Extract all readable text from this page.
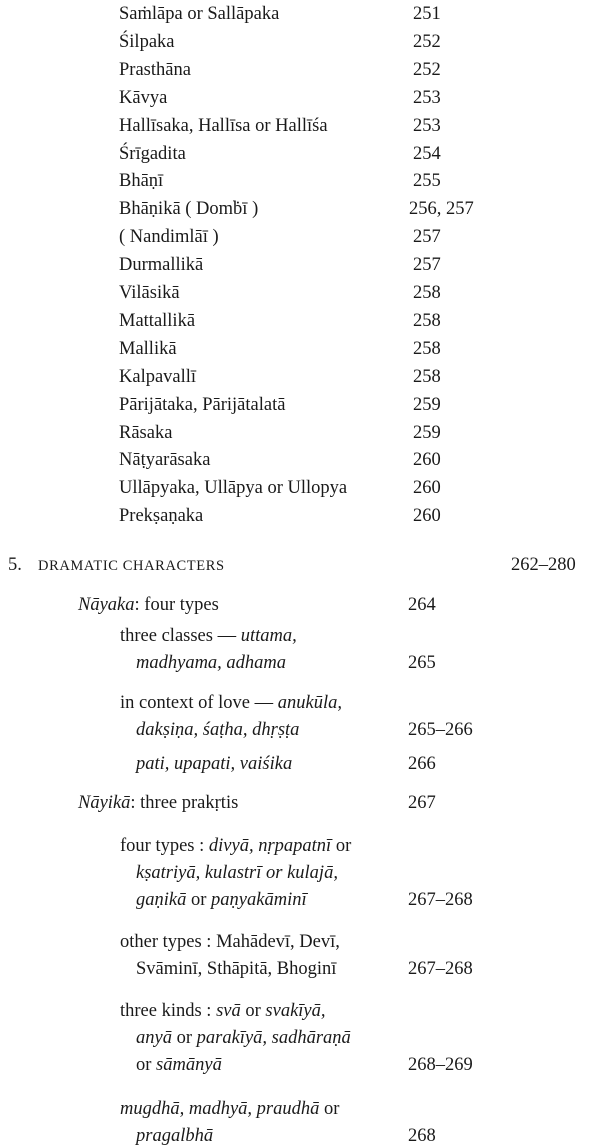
Saṁlāpa or Sallāpaka	251
Śilpaka	252
Prasthāna	252
Kāvya	253
Hallīsaka, Hallīsa or Hallīśa	253
Śrīgadita	254
Bhāṇī	255
Bhāṇikā ( Domḃī )	256, 257
( Nandimlāī )	257
Durmallikā	257
Vilāsikā	258
Mattallikā	258
Mallikā	258
Kalpavallī	258
Pārijātaka, Pārijātalatā	259
Rāsaka	259
Nāṭyarāsaka	260
Ullāpyaka, Ullāpya or Ullopya	260
Prekṣaṇaka	260
5. DRAMATIC CHARACTERS	262–280
Nāyaka: four types	264
three classes — uttama,
madhyama, adhama	265
in context of love — anukūla,
dakṣiṇa, śaṭha, dhṛṣṭa	265–266
pati, upapati, vaiśika	266
Nāyikā: three prakṛtis	267
four types : divyā, nṛpapatnī or
kṣatriyā, kulastrī or kulajā,
gaṇikā or paṇyakāminī	267–268
other types : Mahādevī, Devī,
Svāminī, Sthāpitā, Bhoginī	267–268
three kinds : svā or svakīyā,
anyā or parakīyā, sadhāraṇā
or sāmānyā	268–269
mugdhā, madhyā, praudhā or
pragalbhā	268
